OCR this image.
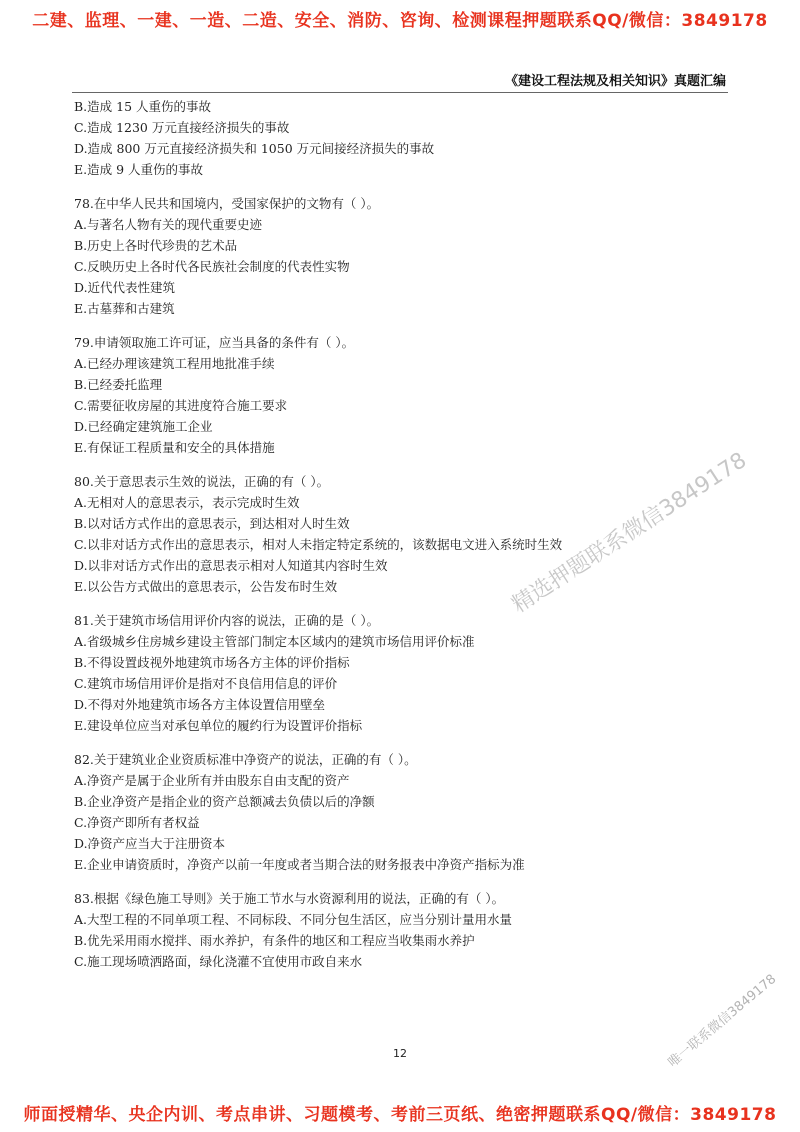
二建、监理、一建、一造、二造、安全、消防、咨询、检测课程押题联系QQ/微信：3849178
《建设工程法规及相关知识》真题汇编
B.造成 15 人重伤的事故
C.造成 1230 万元直接经济损失的事故
D.造成 800 万元直接经济损失和 1050 万元间接经济损失的事故
E.造成 9 人重伤的事故
78.在中华人民共和国境内，受国家保护的文物有（ ）。
A.与著名人物有关的现代重要史迹
B.历史上各时代珍贵的艺术品
C.反映历史上各时代各民族社会制度的代表性实物
D.近代代表性建筑
E.古墓葬和古建筑
79.申请领取施工许可证，应当具备的条件有（ ）。
A.已经办理该建筑工程用地批准手续
B.已经委托监理
C.需要征收房屋的其进度符合施工要求
D.已经确定建筑施工企业
E.有保证工程质量和安全的具体措施
80.关于意思表示生效的说法，正确的有（ ）。
A.无相对人的意思表示，表示完成时生效
B.以对话方式作出的意思表示，到达相对人时生效
C.以非对话方式作出的意思表示，相对人未指定特定系统的，该数据电文进入系统时生效
D.以非对话方式作出的意思表示相对人知道其内容时生效
E.以公告方式做出的意思表示，公告发布时生效
81.关于建筑市场信用评价内容的说法，正确的是（ ）。
A.省级城乡住房城乡建设主管部门制定本区域内的建筑市场信用评价标准
B.不得设置歧视外地建筑市场各方主体的评价指标
C.建筑市场信用评价是指对不良信用信息的评价
D.不得对外地建筑市场各方主体设置信用壁垒
E.建设单位应当对承包单位的履约行为设置评价指标
82.关于建筑业企业资质标准中净资产的说法，正确的有（ ）。
A.净资产是属于企业所有并由股东自由支配的资产
B.企业净资产是指企业的资产总额减去负债以后的净额
C.净资产即所有者权益
D.净资产应当大于注册资本
E.企业申请资质时，净资产以前一年度或者当期合法的财务报表中净资产指标为准
83.根据《绿色施工导则》关于施工节水与水资源利用的说法，正确的有（ ）。
A.大型工程的不同单项工程、不同标段、不同分包生活区，应当分别计量用水量
B.优先采用雨水搅拌、雨水养护，有条件的地区和工程应当收集雨水养护
C.施工现场喷洒路面，绿化浇灌不宜使用市政自来水
12
精选押题联系微信3849178
唯一联系微信3849178
师面授精华、央企内训、考点串讲、习题模考、考前三页纸、绝密押题联系QQ/微信：3849178
